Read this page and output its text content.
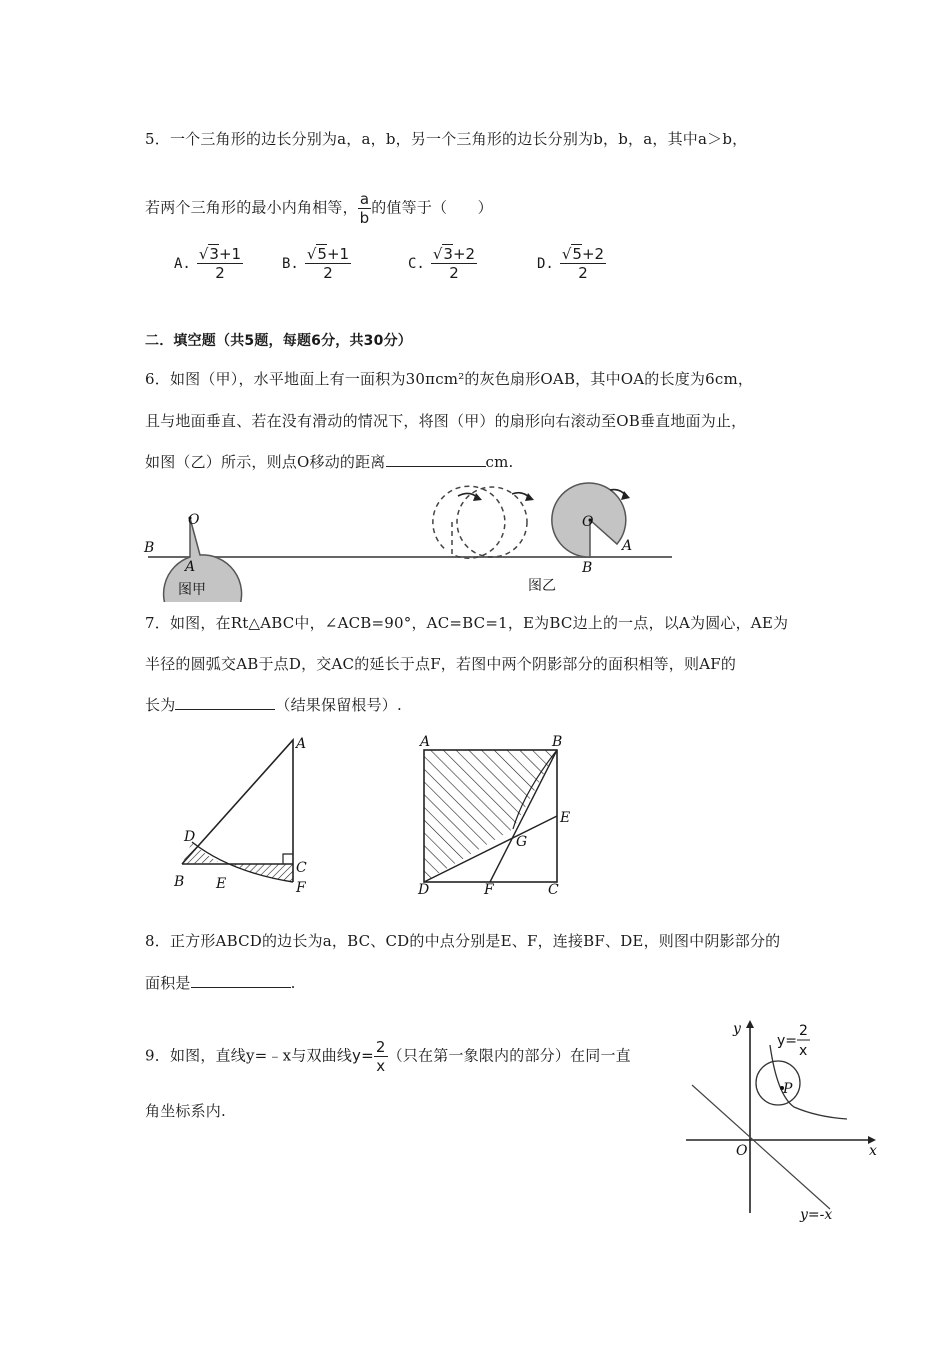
5．一个三角形的边长分别为a，a，b，另一个三角形的边长分别为b，b，a，其中a＞b，
若两个三角形的最小内角相等， $\frac{a}{b}$ 的值等于（　　）
A. $\frac{√3+1}{2}$	B. $\frac{√5+1}{2}$	C. $\frac{√3+2}{2}$	D. $\frac{√5+2}{2}$
二．填空题（共5题，每题6分，共30分）
6．如图（甲），水平地面上有一面积为30πcm²的灰色扇形OAB，其中OA的长度为6cm，
且与地面垂直、若在没有滑动的情况下，将图（甲）的扇形向右滚动至OB垂直地面为止，
如图（乙）所示，则点O移动的距离	cm.
O
B
A
图甲
O
A
B
图乙
7．如图，在Rt△ABC中，∠ACB=90°，AC=BC=1，E为BC边上的一点，以A为圆心，AE为
半径的圆弧交AB于点D，交AC的延长于点F，若图中两个阴影部分的面积相等，则AF的
长为	（结果保留根号）.
A
D
C
B E	F
A	B
E
G
D	F	C
8．正方形ABCD的边长为a，BC、CD的中点分别是E、F，连接BF、DE，则图中阴影部分的
面积是	.
9．如图，直线y=﹣x与双曲线$y= \frac{2}{x}$ （只在第一象限内的部分）在同一直
角坐标系内.
y
x
O
P
y=-x
y=
2
x
